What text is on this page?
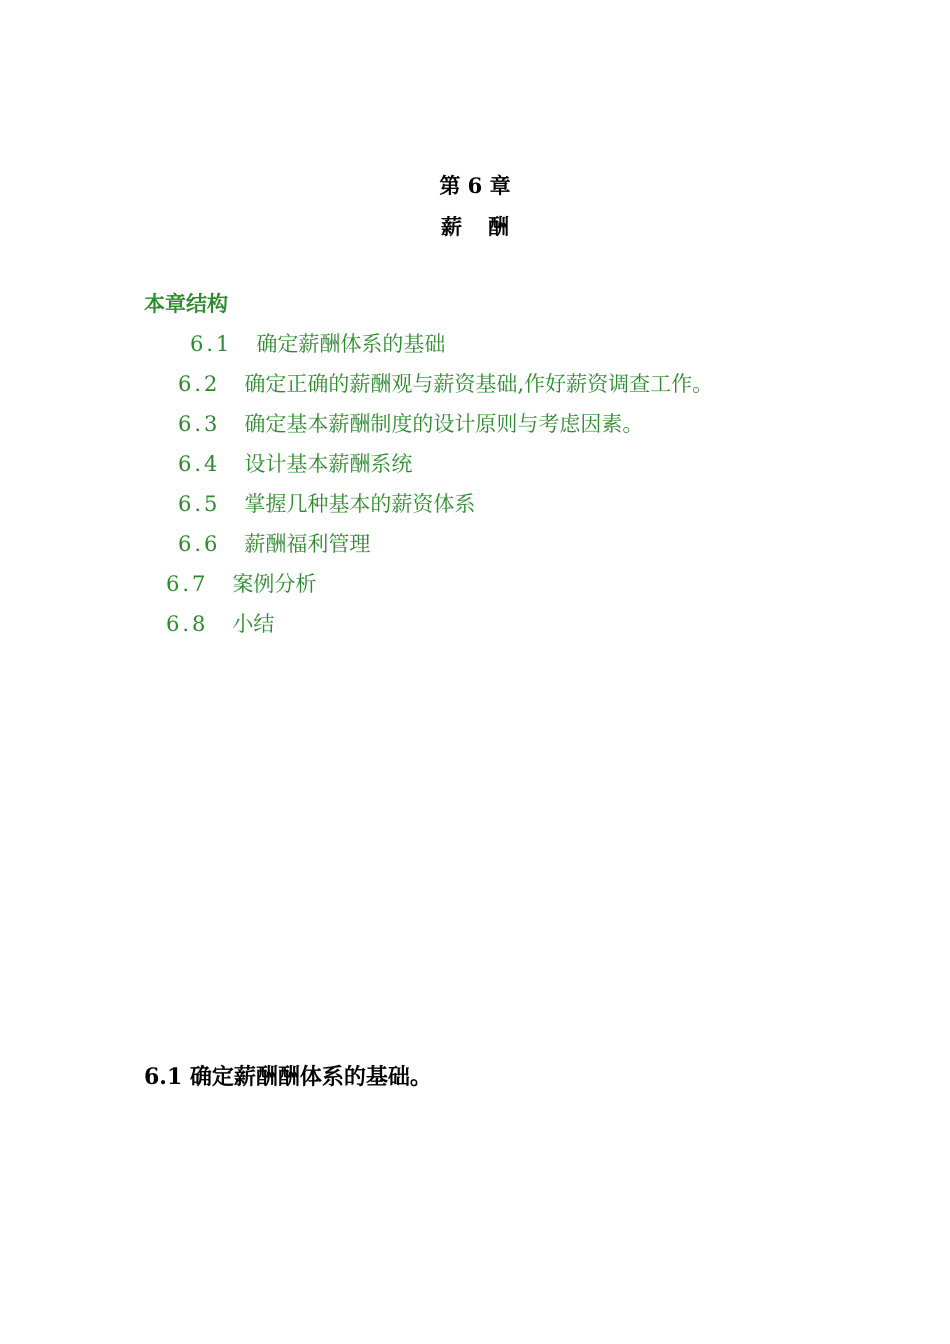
第 6 章
薪酬
本章结构
6.1 确定薪酬体系的基础
6.2 确定正确的薪酬观与薪资基础,作好薪资调查工作。
6.3 确定基本薪酬制度的设计原则与考虑因素。
6.4 设计基本薪酬系统
6.5 掌握几种基本的薪资体系
6.6 薪酬福利管理
6.7 案例分析
6.8 小结
6.1 确定薪酬酬体系的基础。
